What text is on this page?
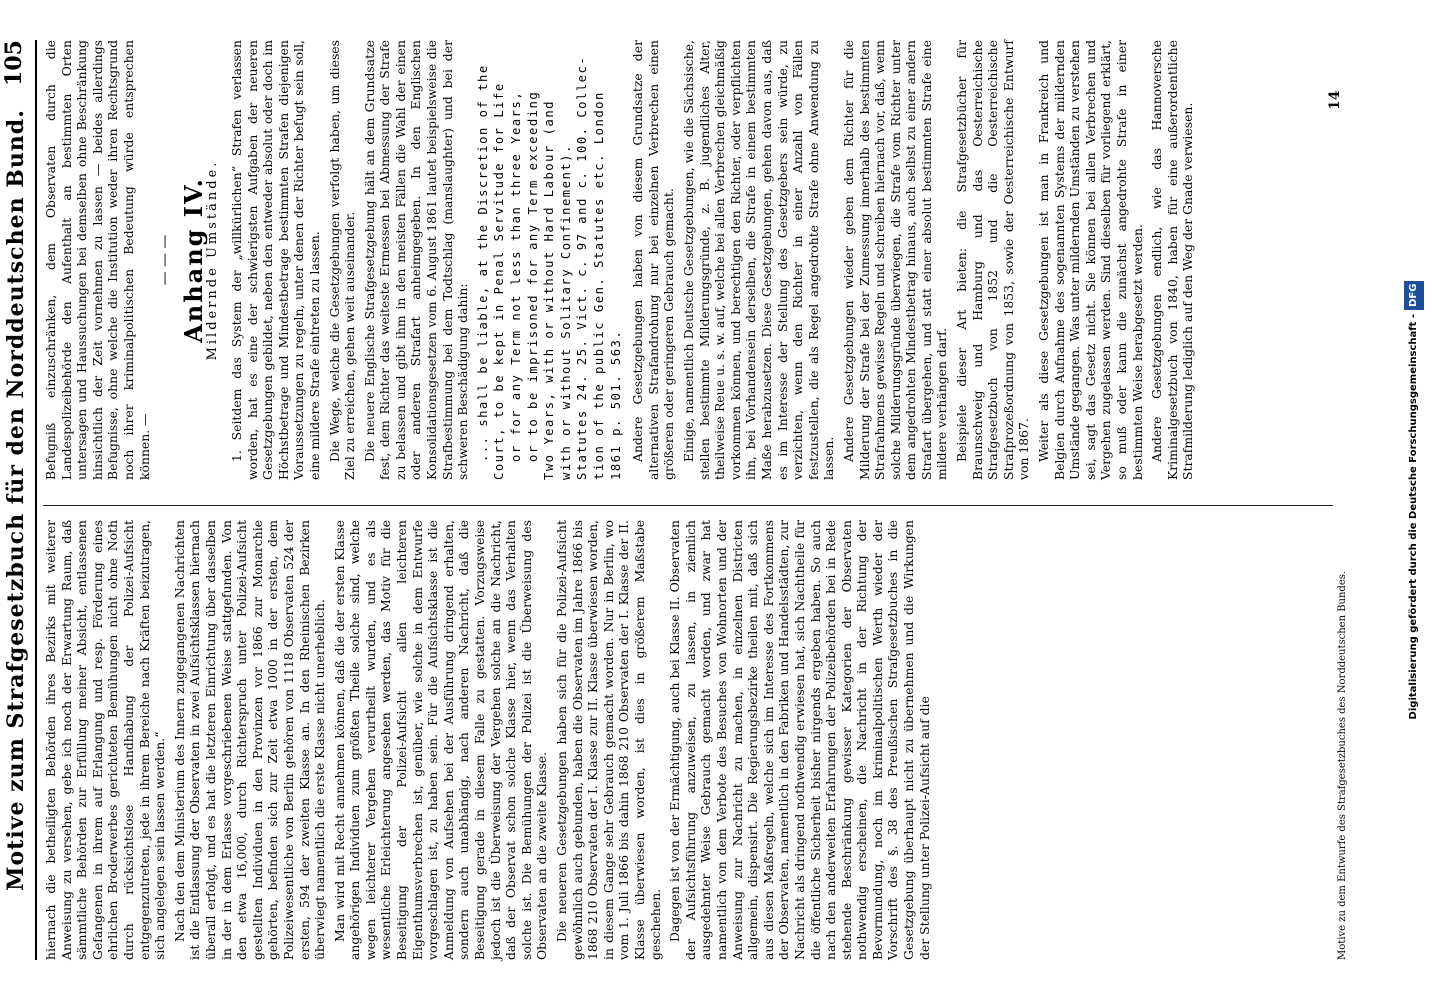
Motive zum Strafgesetzbuch für den Norddeutschen Bund.
105

hiernach die betheiligten Behörden ihres Bezirks mit weiterer Anweisung zu versehen, gebe ich noch der Erwartung Raum, daß sämmtliche Behörden zur Erfüllung meiner Absicht, entlassenen Gefangenen in ihrem auf Erlangung und resp. Förderung eines ehrlichen Broderwerbes gerichteten Bemühungen nicht ohne Noth durch rücksichtslose Handhabung der Polizei-Aufsicht entgegenzutreten, jede in ihrem Bereiche nach Kräften beizutragen, sich angelegen sein lassen werden.“ Nach den dem Ministerium des Innern zugegangenen Nachrichten ist die Entlassung der Observaten in zwei Aufsichtsklassen hiernach überall erfolgt, und es hat die letzteren Einrichtung über dasselben in der in dem Erlasse vorgeschriebenen Weise stattgefunden. Von den etwa 16,000, durch Richterspruch unter Polizei-Aufsicht gestellten Individuen in den Provinzen vor 1866 zur Monarchie gehörten, befinden sich zur Zeit etwa 1000 in der ersten, dem Polizeiwesentliche von Berlin gehören von 1118 Observaten 524 der ersten, 594 der zweiten Klasse an. In den Rheinischen Bezirken überwiegt namentlich die erste Klasse nicht unerheblich. Man wird mit Recht annehmen können, daß die der ersten Klasse angehörigen Individuen zum größten Theile solche sind, welche wegen leichterer Vergehen verurtheilt wurden, und es als wesentliche Erleichterung angesehen werden, das Motiv für die Beseitigung der Polizei-Aufsicht allen leichteren Eigenthumsverbrechen ist, genüber, wie solche in dem Entwurfe vorgeschlagen ist, zu haben sein. Für die Aufsichtsklasse ist die Anmeldung von Aufsehen bei der Ausführung dringend erhalten, sondern auch unabhängig, nach anderen Nachricht, daß die Beseitigung gerade in diesem Falle zu gestatten. Vorzugsweise jedoch ist die Überweisung der Vergehen solche an die Nachricht, daß der Observat schon solche Klasse hier, wenn das Verhalten solche ist. Die Bemühungen der Polizei ist die Überweisung des Observaten an die zweite Klasse. Die neueren Gesetzgebungen haben sich für die Polizei-Aufsicht gewöhnlich auch gebunden, haben die Observaten im Jahre 1866 bis 1868 210 Observaten der I. Klasse zur II. Klasse überwiesen worden, in diesem Gange sehr Gebrauch gemacht worden. Nur in Berlin, wo vom 1. Juli 1866 bis dahin 1868 210 Observaten der I. Klasse der II. Klasse überwiesen worden, ist dies in größerem Maßstabe geschehen. Dagegen ist von der Ermächtigung, auch bei Klasse II. Observaten der Aufsichtsführung anzuweisen, zu lassen, in ziemlich ausgedehnter Weise Gebrauch gemacht worden, und zwar hat namentlich von dem Verbote des Besuches von Wohnorten und der Anweisung zur Nachricht zu machen, in einzelnen Districten allgemein, dispensirt. Die Regierungsbezirke theilen mit, daß sich aus diesen Maßregeln, welche sich im Interesse des Fortkommens der Observaten, namentlich in den Fabriken und Handelsstädten, zur Nachricht als dringend nothwendig erwiesen hat, sich Nachtheile für die öffentliche Sicherheit bisher nirgends ergeben haben. So auch nach den anderweiten Erfahrungen der Polizeibehörden bei in Rede stehende Beschränkung gewisser Kategorien der Observaten nothwendig erscheinen, die Nachricht in der Richtung der Bevormundung, noch im kriminalpolitischen Werth wieder der Vorschrift des §. 38 des Preußischen Strafgesetzbuches in die Gesetzgebung überhaupt nicht zu übernehmen und die Wirkungen der Stellung unter Polizei-Aufsicht auf die

Befugniß einzuschränken, dem Observaten durch die Landespolizeibehörde den Aufenthalt an bestimmten Orten untersagen und Haussuchungen bei demselben ohne Beschränkung hinsichtlich der Zeit vornehmen zu lassen — beides allerdings Befugnisse, ohne welche die Institution weder ihren Rechtsgrund noch ihrer kriminalpolitischen Bedeutung würde entsprechen können. —

— — — Anhang IV.
Mildernde Umstände. 1. Seitdem das System der „willkürlichen“ Strafen verlassen worden, hat es eine der schwierigsten Aufgaben der neueren Gesetzgebungen gebildet, neben den entweder absolut oder doch im Höchstbetrage und Mindestbetrage bestimmten Strafen diejenigen Voraussetzungen zu regeln, unter denen der Richter befugt sein soll, eine mildere Strafe eintreten zu lassen. Die Wege, welche die Gesetzgebungen verfolgt haben, um dieses Ziel zu erreichen, gehen weit auseinander. Die neuere Englische Strafgesetzgebung hält an dem Grundsatze fest, dem Richter das weiteste Ermessen bei Abmessung der Strafe zu belassen und gibt ihm in den meisten Fällen die Wahl der einen oder anderen Strafart anheimgegeben. In den Englischen Konsolidationsgesetzen vom 6. August 1861 lautet beispielsweise die Strafbestimmung bei dem Todtschlag (manslaughter) und bei der schweren Beschädigung dahin: ... shall be liable, at the Discretion of the Court, to be kept in Penal Servitude for Life or for any Term not less than three Years, or to be imprisoned for any Term exceeding Two Years, with or without Hard Labour (and with or without Solitary Confinement). Statutes 24. 25. Vict. c. 97 and c. 100. Collec- tion of the public Gen. Statutes etc. London 1861 p. 501. 563. Andere Gesetzgebungen haben von diesem Grundsatze der alternativen Strafandrohung nur bei einzelnen Verbrechen einen größeren oder geringeren Gebrauch gemacht. Einige, namentlich Deutsche Gesetzgebungen, wie die Sächsische, stellen bestimmte Milderungsgründe, z. B. jugendliches Alter, theilweise Reue u. s. w. auf, welche bei allen Verbrechen gleichmäßig vorkommen können, und berechtigen den Richter, oder verpflichten ihn, bei Vorhandensein derselben, die Strafe in einem bestimmten Maße herabzusetzen. Diese Gesetzgebungen, gehen davon aus, daß es im Interesse der Stellung des Gesetzgebers sein würde, zu verzichten, wenn den Richter in einer Anzahl von Fällen festzustellen, die als Regel angedrohte Strafe ohne Anwendung zu lassen. Andere Gesetzgebungen wieder geben dem Richter für die Milderung der Strafe bei der Zumessung innerhalb des bestimmten Strafrahmens gewisse Regeln und schreiben hiernach vor, daß, wenn solche Milderungsgründe überwiegen, die Strafe vom Richter unter dem angedrohten Mindestbetrag hinaus, auch selbst zu einer andern Strafart übergehen, und statt einer absolut bestimmten Strafe eine mildere verhängen darf. Beispiele dieser Art bieten: die Strafgesetzbücher für Braunschweig und Hamburg und das Oesterreichische Strafgesetzbuch von 1852 und die Oesterreichische Strafprozeßordnung von 1853, sowie der Oesterreichische Entwurf von 1867. Weiter als diese Gesetzgebungen ist man in Frankreich und Belgien durch Aufnahme des sogenannten Systems der mildernden Umstände gegangen. Was unter mildernden Umständen zu verstehen sei, sagt das Gesetz nicht. Sie können bei allen Verbrechen und Vergehen zugelassen werden. Sind dieselben für vorliegend erklärt, so muß oder kann die zunächst angedrohte Strafe in einer bestimmten Weise herabgesetzt werden. Andere Gesetzgebungen endlich, wie das Hannoversche Kriminalgesetzbuch von 1840, haben für eine außerordentliche Strafmilderung lediglich auf den Weg der Gnade verwiesen.

Motive zu dem Entwurfe des Strafgesetzbuches des Norddeutschen Bundes.
14
Digitalisierung gefördert durch die Deutsche Forschungsgemeinschaft -DFG
